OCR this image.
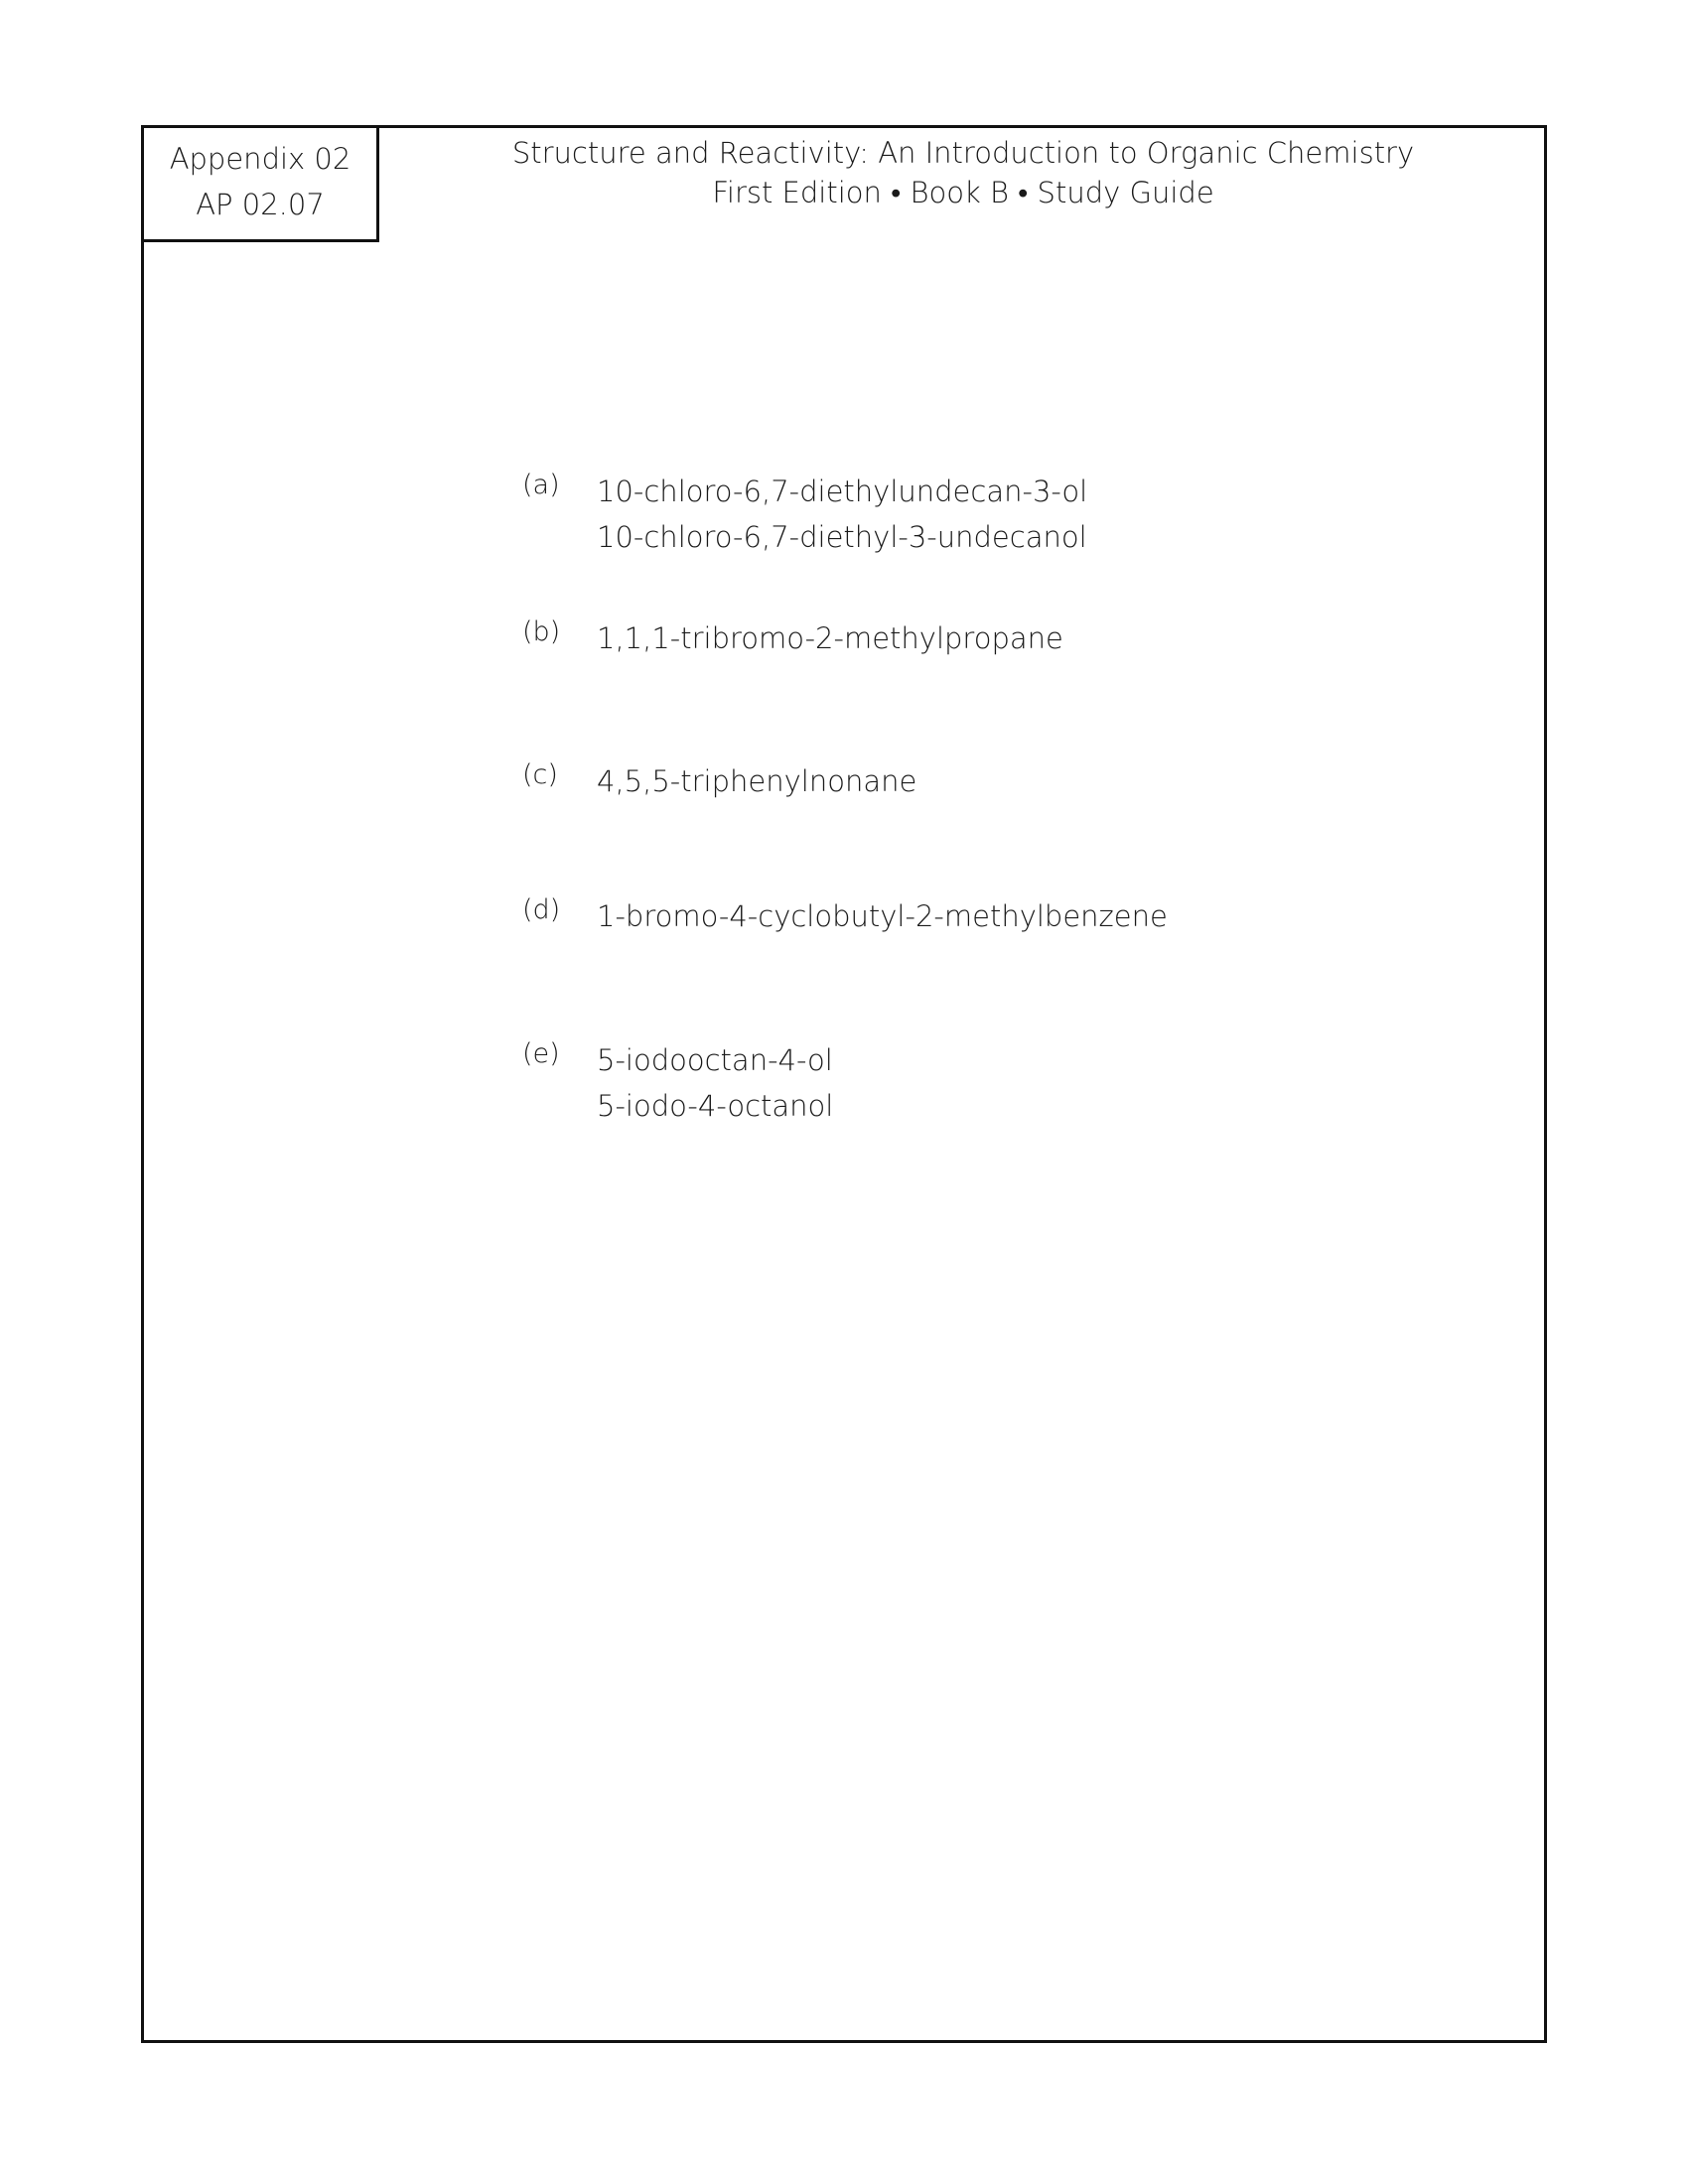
Appendix 02
AP 02.07
Structure and Reactivity: An Introduction to Organic Chemistry
First Edition • Book B • Study Guide
(a) 10-chloro-6,7-diethylundecan-3-ol
10-chloro-6,7-diethyl-3-undecanol
(b) 1,1,1-tribromo-2-methylpropane
(c) 4,5,5-triphenylnonane
(d) 1-bromo-4-cyclobutyl-2-methylbenzene
(e) 5-iodooctan-4-ol
5-iodo-4-octanol
